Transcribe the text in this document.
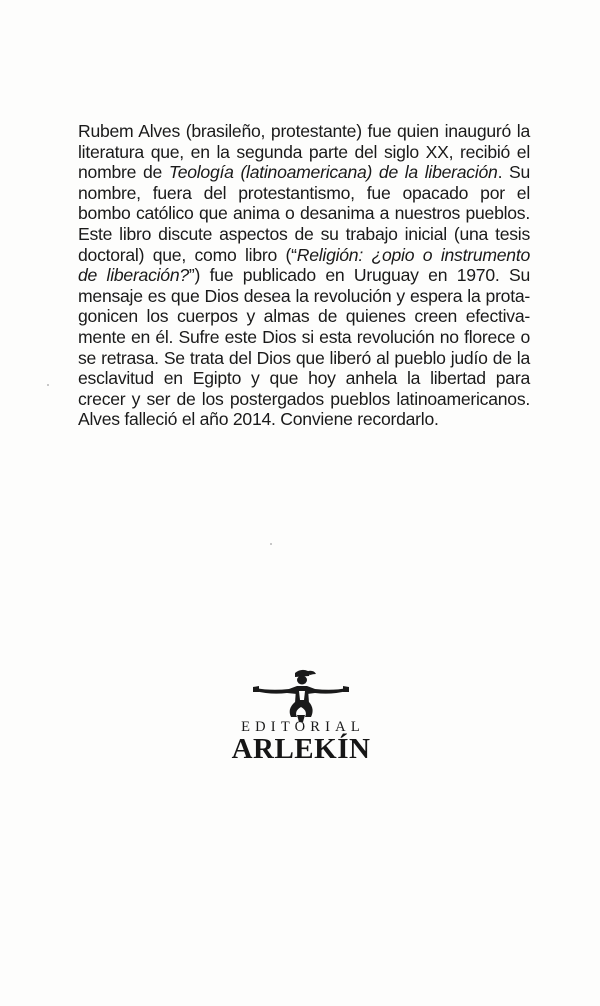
Rubem Alves (brasileño, protestante) fue quien inauguró la
literatura que, en la segunda parte del siglo XX, recibió el
nombre de Teología (latinoamericana) de la liberación. Su
nombre, fuera del protestantismo, fue opacado por el
bombo católico que anima o desanima a nuestros pueblos.
Este libro discute aspectos de su trabajo inicial (una tesis
doctoral) que, como libro (“Religión: ¿opio o instrumento
de liberación?”) fue publicado en Uruguay en 1970. Su
mensaje es que Dios desea la revolución y espera la prota-
gonicen los cuerpos y almas de quienes creen efectiva-
mente en él. Sufre este Dios si esta revolución no florece o
se retrasa. Se trata del Dios que liberó al pueblo judío de la
esclavitud en Egipto y que hoy anhela la libertad para
crecer y ser de los postergados pueblos latinoamericanos.
Alves falleció el año 2014. Conviene recordarlo.
EDITORIAL
ARLEKÍN
